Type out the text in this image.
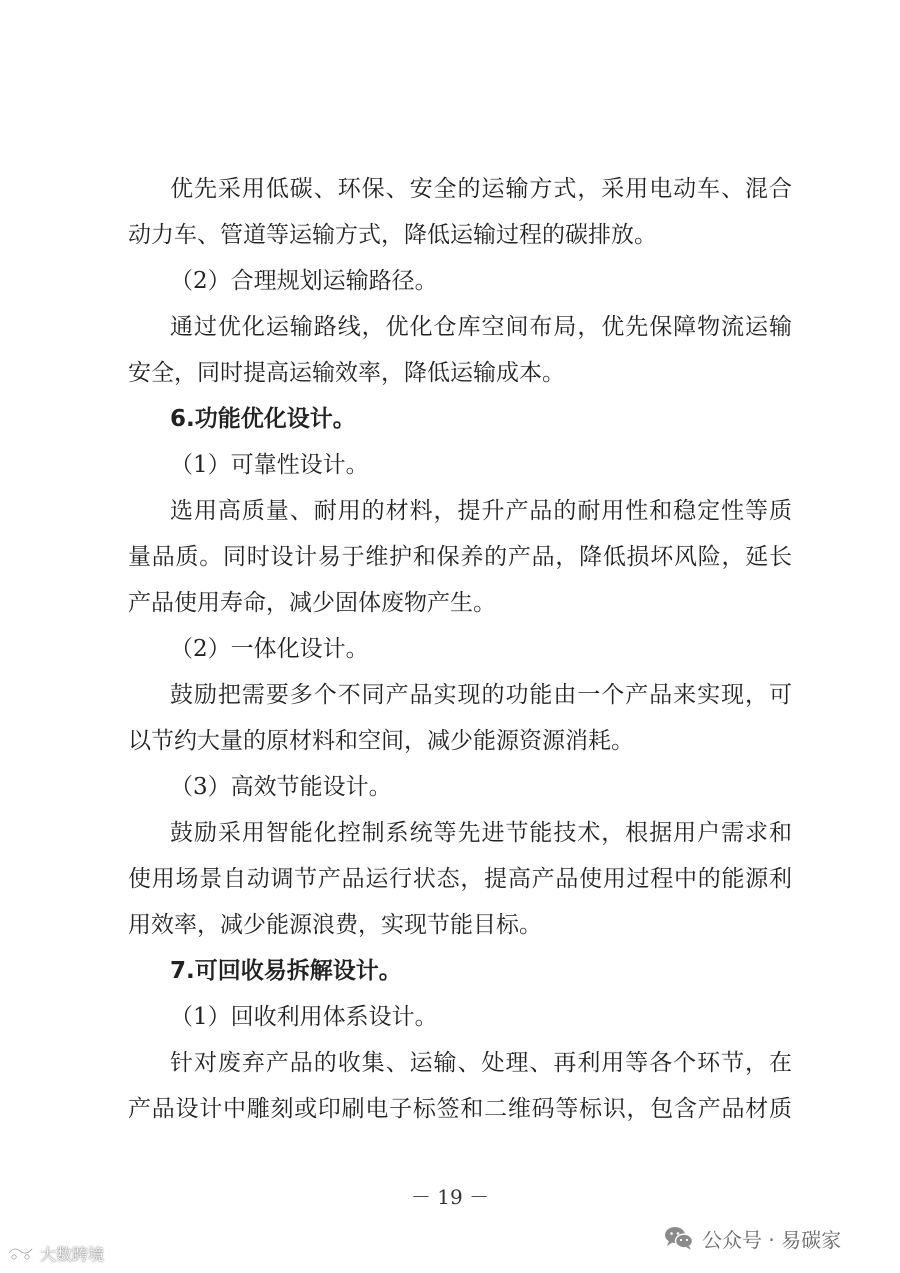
优先采用低碳、环保、安全的运输方式，采用电动车、混合
动力车、管道等运输方式，降低运输过程的碳排放。
（2）合理规划运输路径。
通过优化运输路线，优化仓库空间布局，优先保障物流运输
安全，同时提高运输效率，降低运输成本。
6.功能优化设计。
（1）可靠性设计。
选用高质量、耐用的材料，提升产品的耐用性和稳定性等质
量品质。同时设计易于维护和保养的产品，降低损坏风险，延长
产品使用寿命，减少固体废物产生。
（2）一体化设计。
鼓励把需要多个不同产品实现的功能由一个产品来实现，可
以节约大量的原材料和空间，减少能源资源消耗。
（3）高效节能设计。
鼓励采用智能化控制系统等先进节能技术，根据用户需求和
使用场景自动调节产品运行状态，提高产品使用过程中的能源利
用效率，减少能源浪费，实现节能目标。
7.可回收易拆解设计。
（1）回收利用体系设计。
针对废弃产品的收集、运输、处理、再利用等各个环节，在
产品设计中雕刻或印刷电子标签和二维码等标识，包含产品材质
－ 19 －
大数跨境
公众号 · 易碳家
